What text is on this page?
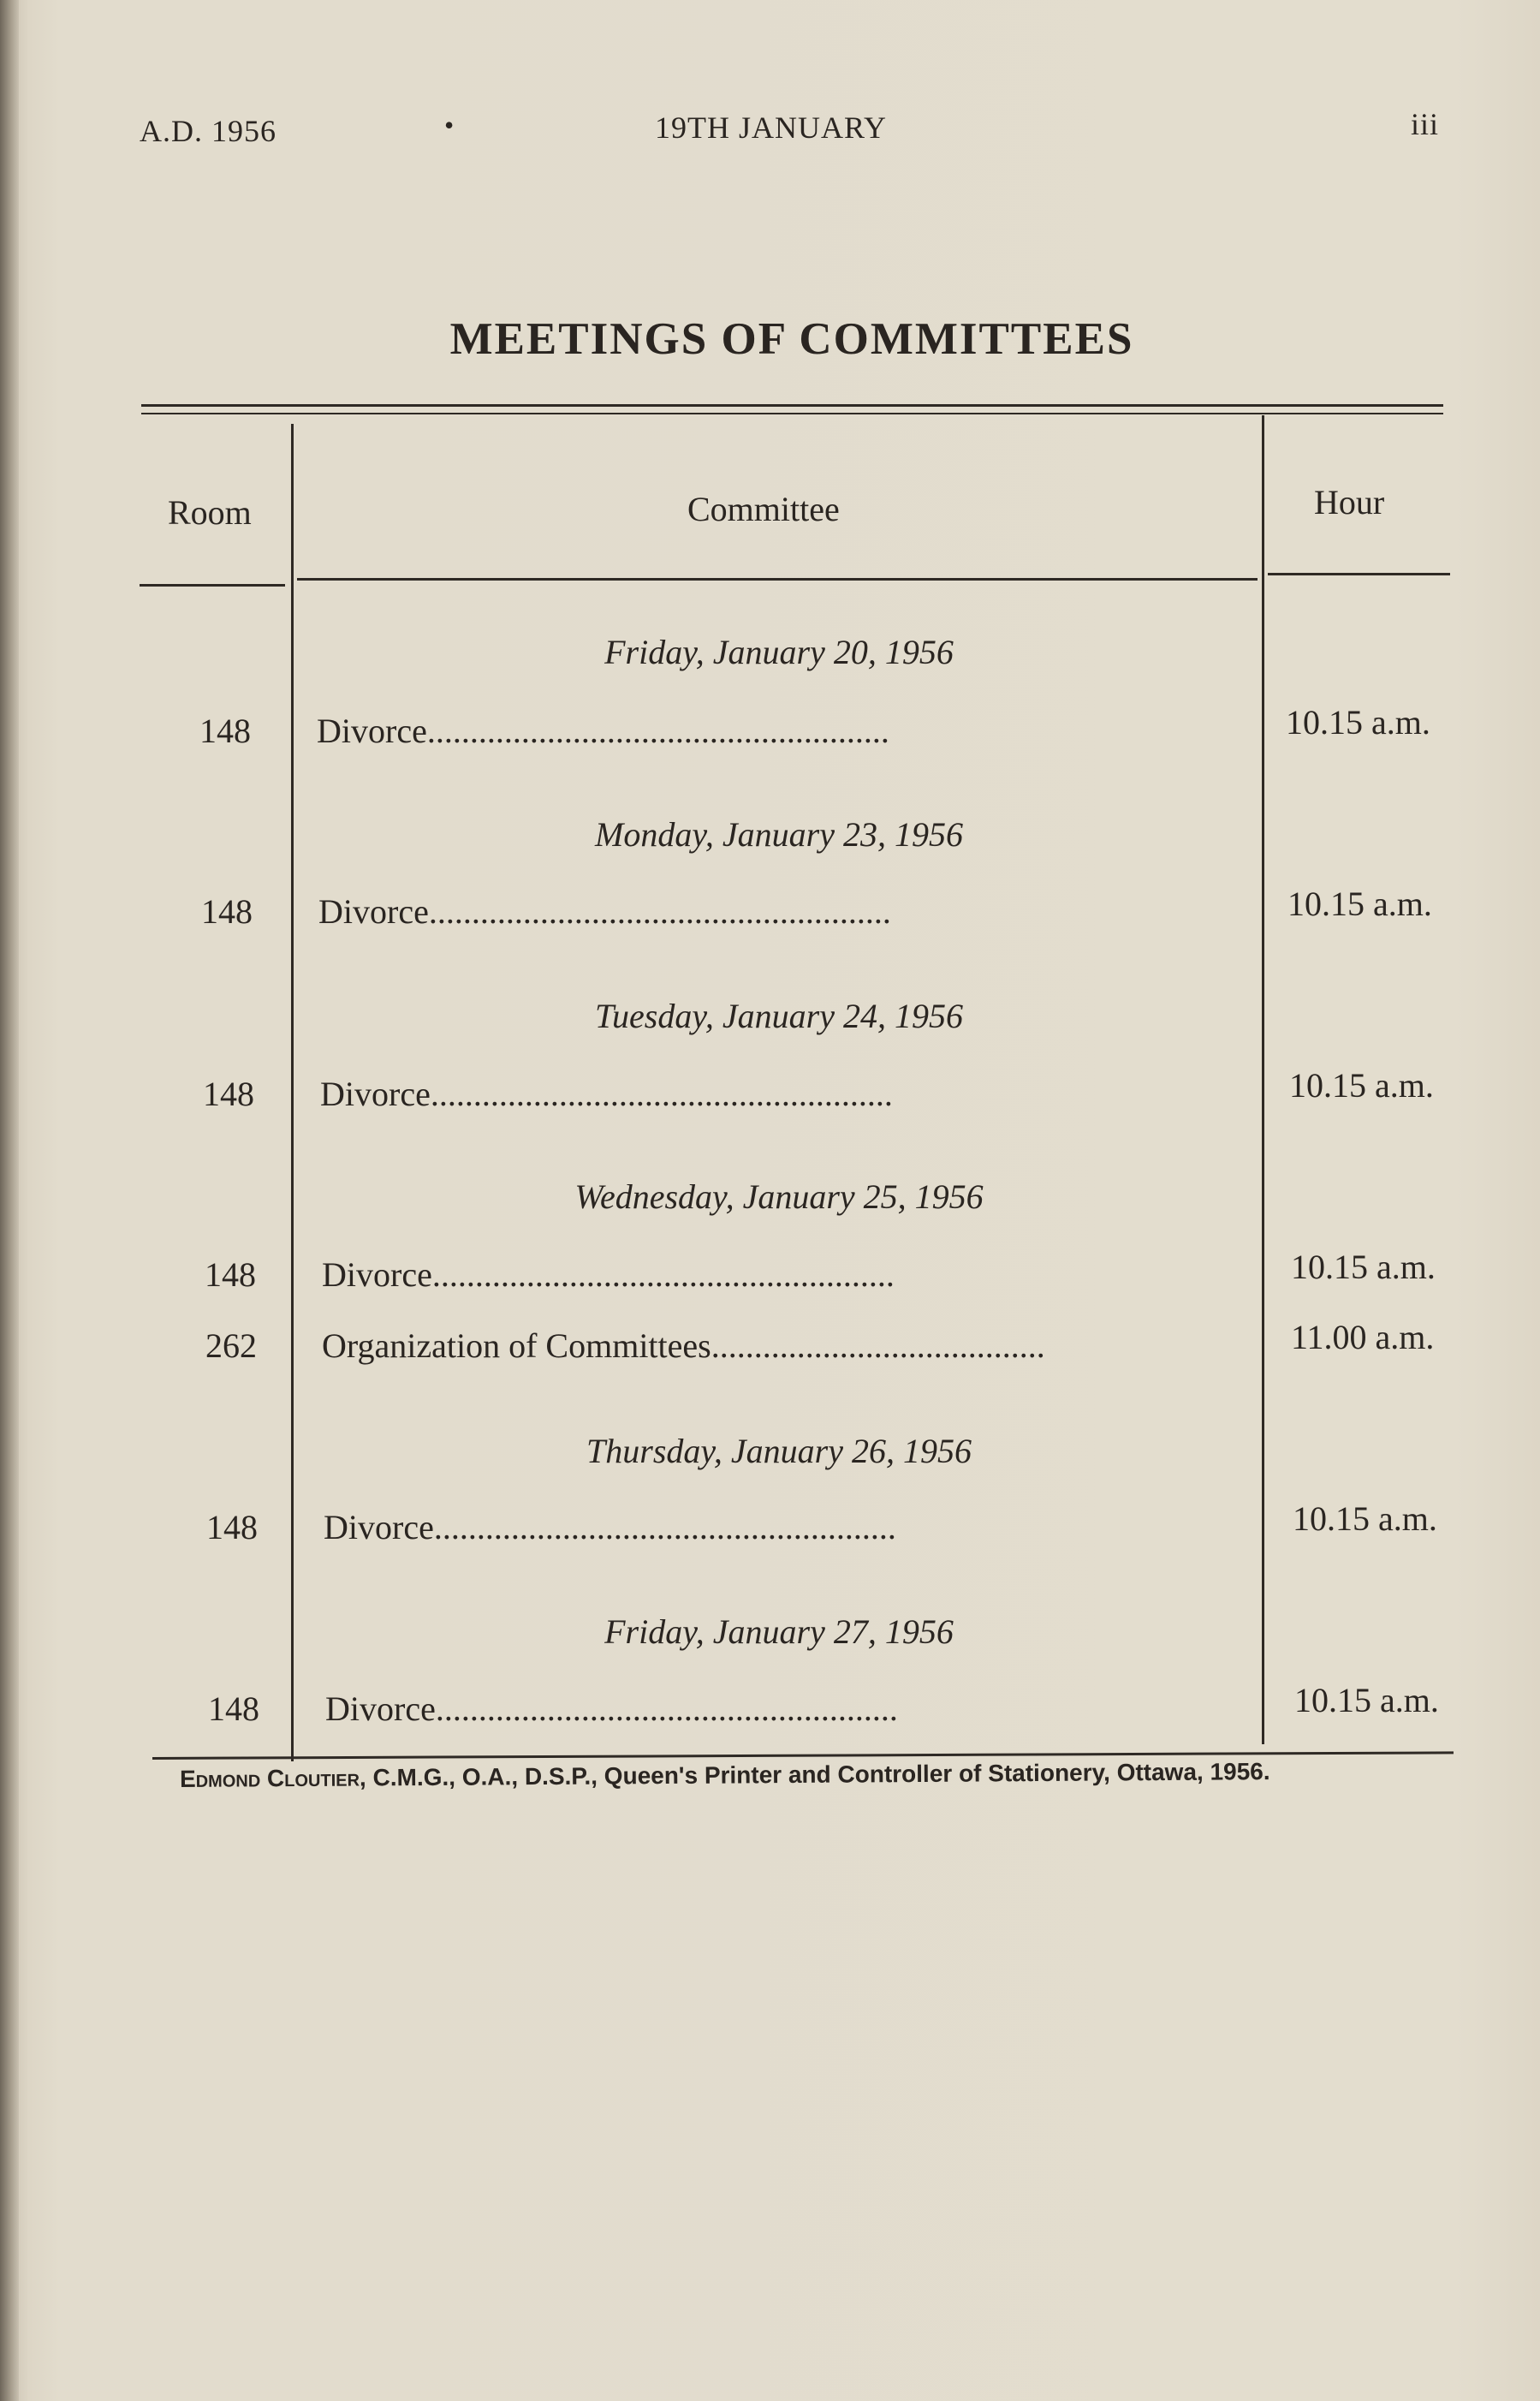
A.D. 1956	•	19TH JANUARY	iii
MEETINGS OF COMMITTEES
Room	Committee	Hour
Friday, January 20, 1956
148	Divorce......................................................	10.15 a.m.
Monday, January 23, 1956
148	Divorce......................................................	10.15 a.m.
Tuesday, January 24, 1956
148	Divorce......................................................	10.15 a.m.
Wednesday, January 25, 1956
148	Divorce......................................................	10.15 a.m.
262	Organization of Committees.......................................	11.00 a.m.
Thursday, January 26, 1956
148	Divorce......................................................	10.15 a.m.
Friday, January 27, 1956
148	Divorce......................................................	10.15 a.m.
Edmond Cloutier, C.M.G., O.A., D.S.P., Queen's Printer and Controller of Stationery, Ottawa, 1956.
